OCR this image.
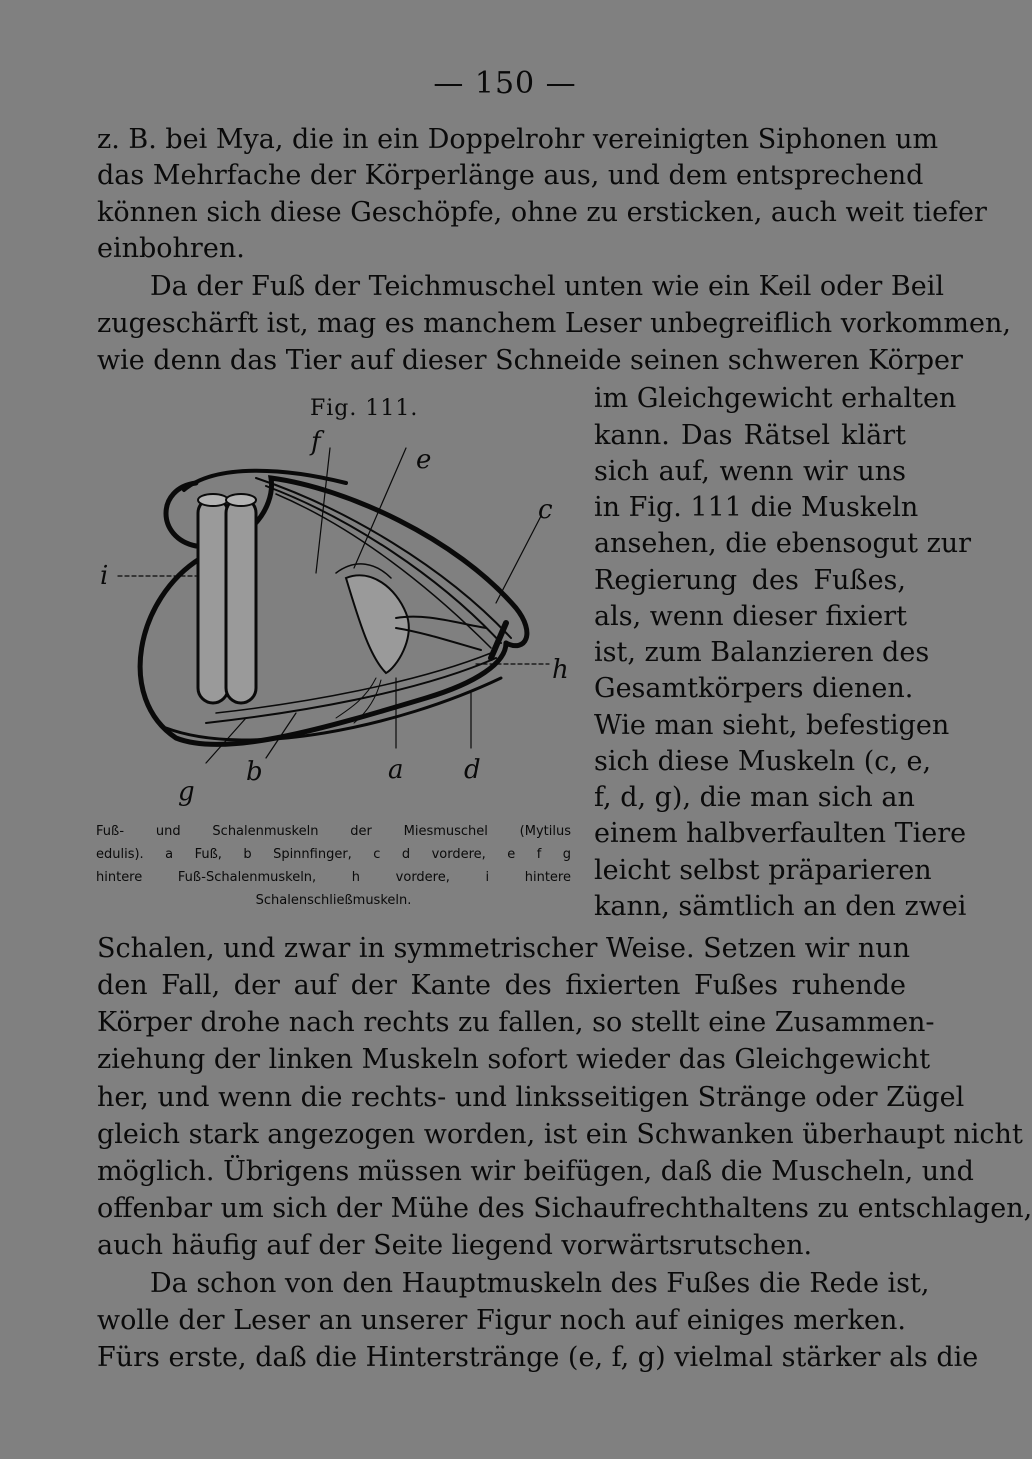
— 150 —
z. B. bei Mya, die in ein Doppelrohr vereinigten Siphonen um
das Mehrfache der Körperlänge aus, und dem entsprechend
können sich diese Geschöpfe, ohne zu ersticken, auch weit tiefer
einbohren.
Da der Fuß der Teichmuschel unten wie ein Keil oder Beil
zugeschärft ist, mag es manchem Leser unbegreiflich vorkommen,
wie denn das Tier auf dieser Schneide seinen schweren Körper
Fig. 111.
f
e
c
i
h
g
b	a d
Fuß- und Schalenmuskeln der Miesmuschel (Mytilus
edulis). a Fuß, b Spinnfinger, c d vordere, e f g
hintere Fuß-Schalenmuskeln, h vordere, i hintere
Schalenschließmuskeln.
im Gleichgewicht erhalten
kann. Das Rätsel klärt
sich auf, wenn wir uns
in Fig. 111 die Muskeln
ansehen, die ebensogut zur
Regierung des Fußes,
als, wenn dieser fixiert
ist, zum Balanzieren des
Gesamtkörpers dienen.
Wie man sieht, befestigen
sich diese Muskeln (c, e,
f, d, g), die man sich an
einem halbverfaulten Tiere
leicht selbst präparieren
kann, sämtlich an den zwei
Schalen, und zwar in symmetrischer Weise. Setzen wir nun
den Fall, der auf der Kante des fixierten Fußes ruhende
Körper drohe nach rechts zu fallen, so stellt eine Zusammen-
ziehung der linken Muskeln sofort wieder das Gleichgewicht
her, und wenn die rechts- und linksseitigen Stränge oder Zügel
gleich stark angezogen worden, ist ein Schwanken überhaupt nicht
möglich. Übrigens müssen wir beifügen, daß die Muscheln, und
offenbar um sich der Mühe des Sichaufrechthaltens zu entschlagen,
auch häufig auf der Seite liegend vorwärtsrutschen.
Da schon von den Hauptmuskeln des Fußes die Rede ist,
wolle der Leser an unserer Figur noch auf einiges merken.
Fürs erste, daß die Hinterstränge (e, f, g) vielmal stärker als die
